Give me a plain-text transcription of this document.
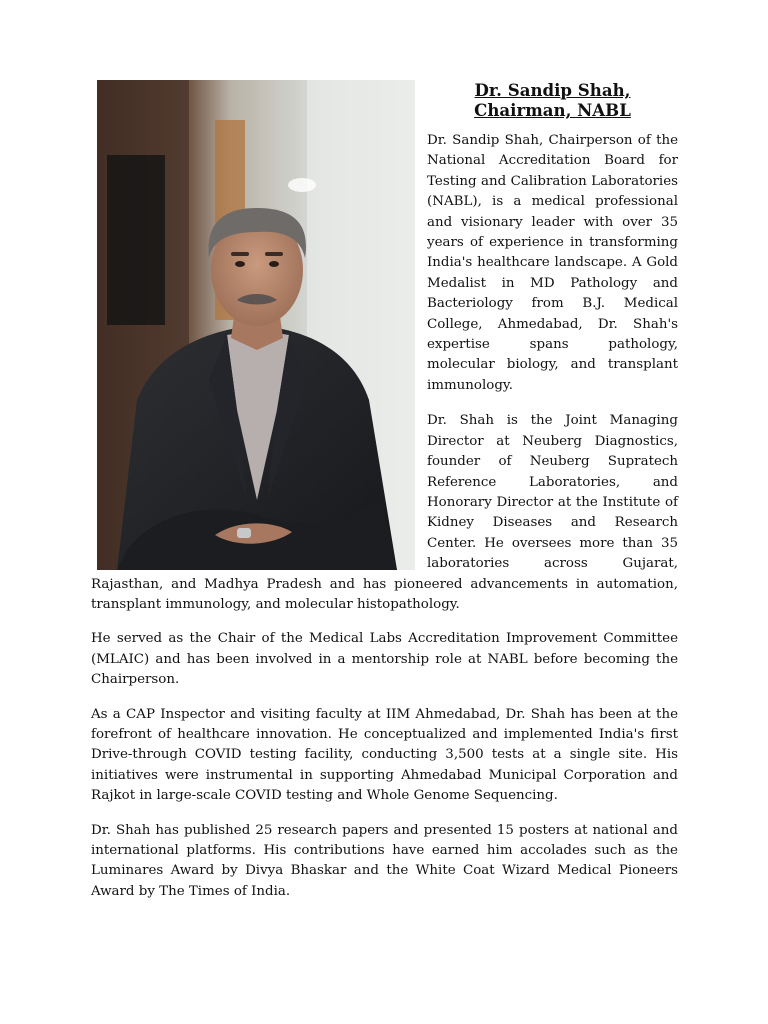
Dr. Sandip Shah,
Chairman, NABL

Dr. Sandip Shah, Chairperson of the National Accreditation Board for Testing and Calibration Laboratories (NABL), is a medical professional and visionary leader with over 35 years of experience in transforming India's healthcare landscape. A Gold Medalist in MD Pathology and Bacteriology from B.J. Medical College, Ahmedabad, Dr. Shah's expertise spans pathology, molecular biology, and transplant immunology.

Dr. Shah is the Joint Managing Director at Neuberg Diagnostics, founder of Neuberg Supratech Reference Laboratories, and Honorary Director at the Institute of Kidney Diseases and Research Center. He oversees more than 35 laboratories across Gujarat, Rajasthan, and Madhya Pradesh and has pioneered advancements in automation, transplant immunology, and molecular histopathology.

He served as the Chair of the Medical Labs Accreditation Improvement Committee (MLAIC) and has been involved in a mentorship role at NABL before becoming the Chairperson.

As a CAP Inspector and visiting faculty at IIM Ahmedabad, Dr. Shah has been at the forefront of healthcare innovation. He conceptualized and implemented India's first Drive-through COVID testing facility, conducting 3,500 tests at a single site. His initiatives were instrumental in supporting Ahmedabad Municipal Corporation and Rajkot in large-scale COVID testing and Whole Genome Sequencing.

Dr. Shah has published 25 research papers and presented 15 posters at national and international platforms. His contributions have earned him accolades such as the Luminares Award by Divya Bhaskar and the White Coat Wizard Medical Pioneers Award by The Times of India.
